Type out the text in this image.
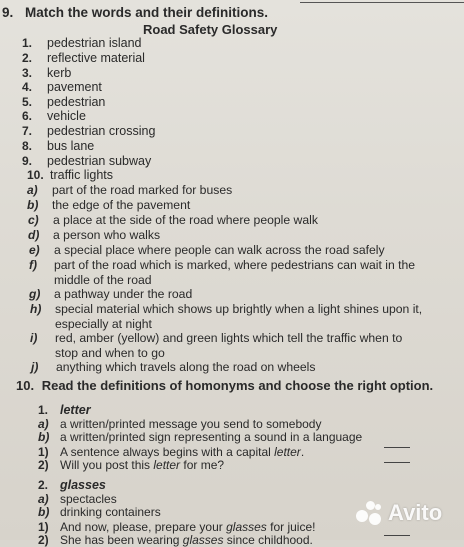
9. Match the words and their definitions.
Road Safety Glossary
1. pedestrian island
2. reflective material
3. kerb
4. pavement
5. pedestrian
6. vehicle
7. pedestrian crossing
8. bus lane
9. pedestrian subway
10. traffic lights
a) part of the road marked for buses
b) the edge of the pavement
c) a place at the side of the road where people walk
d) a person who walks
e) a special place where people can walk across the road safely
f) part of the road which is marked, where pedestrians can wait in the
middle of the road
g) a pathway under the road
h) special material which shows up brightly when a light shines upon it,
especially at night
i) red, amber (yellow) and green lights which tell the traffic when to
stop and when to go
j) anything which travels along the road on wheels
10. Read the definitions of homonyms and choose the right option.
1. letter
a) a written/printed message you send to somebody
b) a written/printed sign representing a sound in a language
1) A sentence always begins with a capital letter.
2) Will you post this letter for me?
2. glasses
a) spectacles
b) drinking containers
1) And now, please, prepare your glasses for juice!
2) She has been wearing glasses since childhood.
Avito
